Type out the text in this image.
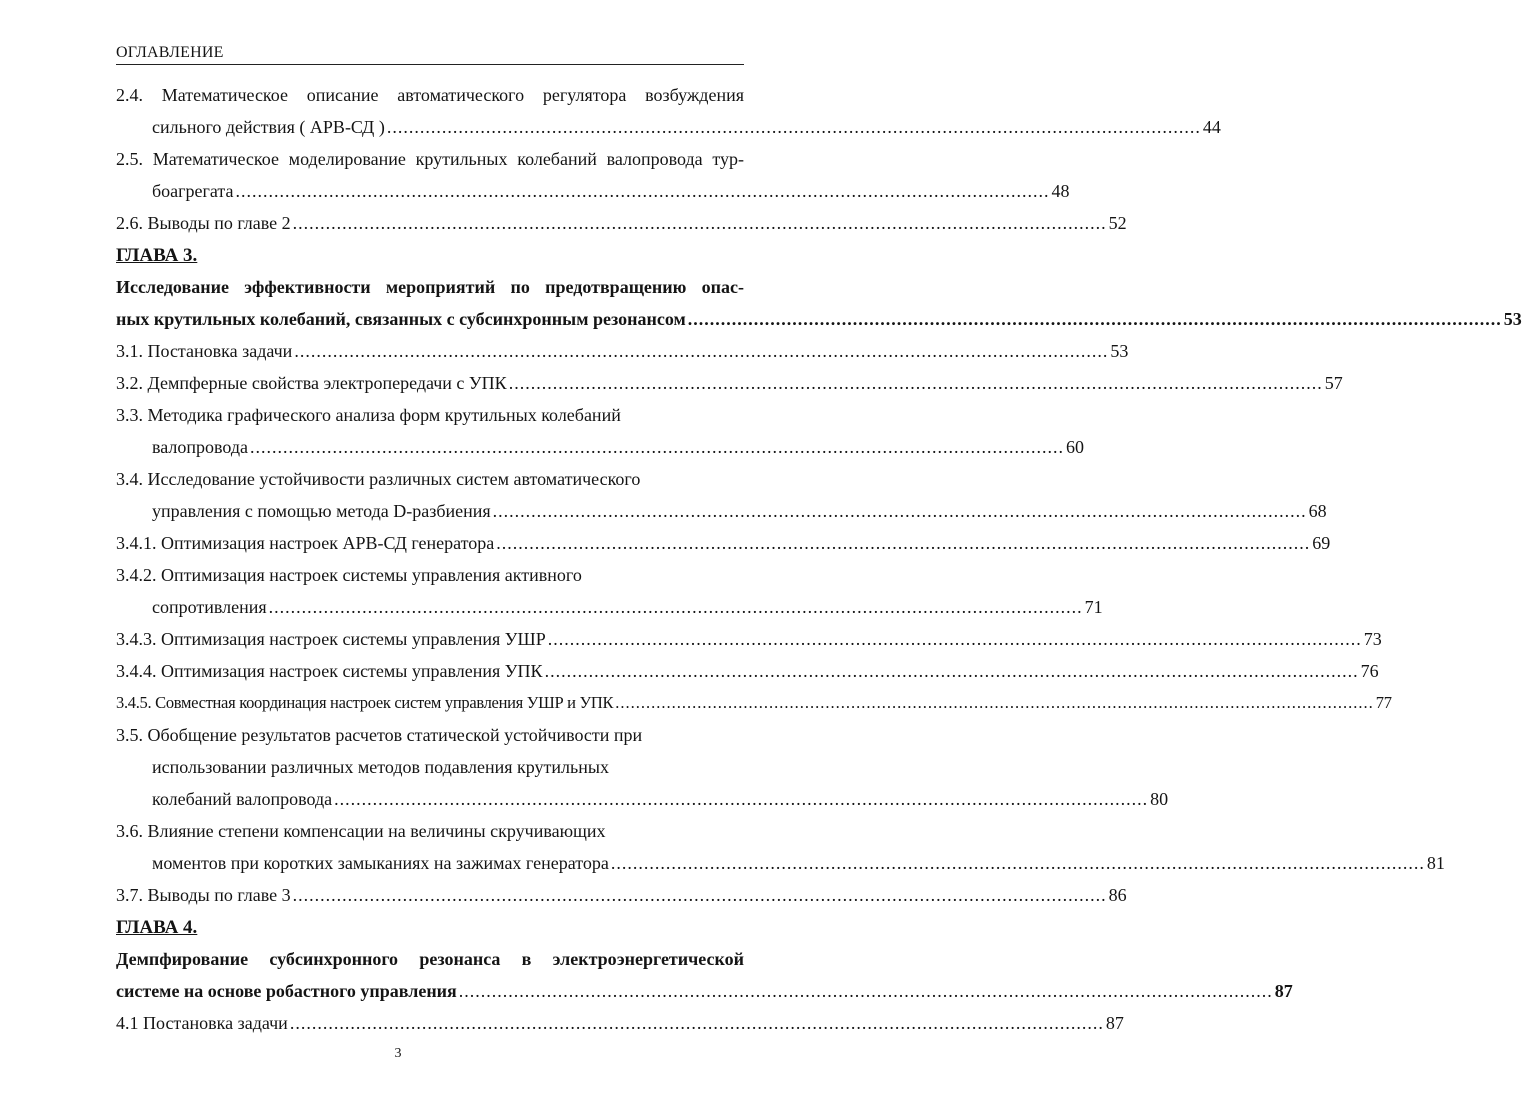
ОГЛАВЛЕНИЕ
2.4. Математическое описание автоматического регулятора возбуждения
сильного действия ( АРВ-СД ) .................................................................................................................................................... 44
2.5. Математическое моделирование крутильных колебаний валопровода тур-
боагрегата .................................................................................................................................................... 48
2.6. Выводы по главе 2 .................................................................................................................................................... 52
ГЛАВА 3.
Исследование эффективности мероприятий по предотвращению опас-
ных крутильных колебаний, связанных с субсинхронным резонансом .................................................................................................................................................... 53
3.1. Постановка задачи .................................................................................................................................................... 53
3.2. Демпферные свойства электропередачи с УПК .................................................................................................................................................... 57
3.3. Методика графического анализа форм крутильных колебаний
валопровода .................................................................................................................................................... 60
3.4. Исследование устойчивости различных систем автоматического
управления с помощью метода D-разбиения .................................................................................................................................................... 68
3.4.1. Оптимизация настроек АРВ-СД генератора .................................................................................................................................................... 69
3.4.2. Оптимизация настроек системы управления активного
сопротивления .................................................................................................................................................... 71
3.4.3. Оптимизация настроек системы управления УШР .................................................................................................................................................... 73
3.4.4. Оптимизация настроек системы управления УПК .................................................................................................................................................... 76
3.4.5. Совместная координация настроек систем управления УШР и УПК .................................................................................................................................................... 77
3.5. Обобщение результатов расчетов статической устойчивости при
использовании различных методов подавления крутильных
колебаний валопровода .................................................................................................................................................... 80
3.6. Влияние степени компенсации на величины скручивающих
моментов при коротких замыканиях на зажимах генератора .................................................................................................................................................... 81
3.7. Выводы по главе 3 .................................................................................................................................................... 86
ГЛАВА 4.
Демпфирование субсинхронного резонанса в электроэнергетической
системе на основе робастного управления .................................................................................................................................................... 87
4.1 Постановка задачи .................................................................................................................................................... 87
3
